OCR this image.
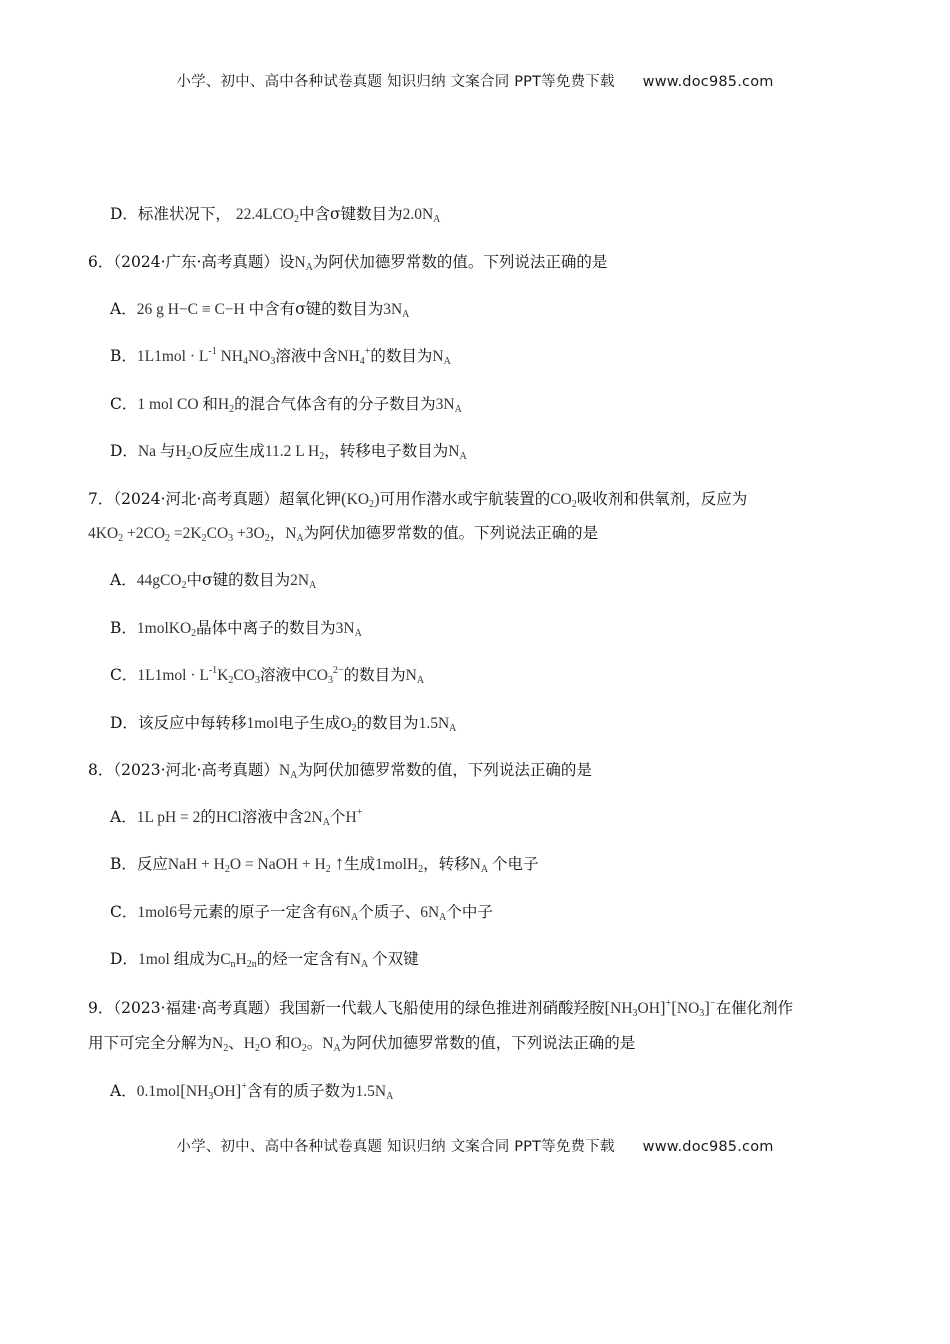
小学、初中、高中各种试卷真题 知识归纳 文案合同 PPT等免费下载 www.doc985.com
D．标准状况下， $22.4LCO_2$中含σ键数目为$2.0N_A$
6．（2024·广东·高考真题）设$N_A$为阿伏加德罗常数的值。下列说法正确的是
A．26 g H−C ≡ C−H 中含有σ键的数目为$3N_A$
B．$1L1mol \cdot L^{-1}$ $NH_4NO_3$溶液中含$NH_4^+$的数目为$N_A$
C．1 mol CO 和$H_2$的混合气体含有的分子数目为$3N_A$
D．Na 与$H_2O$反应生成11.2 L $H_2$，转移电子数目为$N_A$
7．（2024·河北·高考真题）超氧化钾$(KO_2)$可用作潜水或宇航装置的$CO_2$吸收剂和供氧剂，反应为
$4KO_2 +2CO_2 =2K_2CO_3 +3O_2$，$N_A$为阿伏加德罗常数的值。下列说法正确的是
A．44gCO$_2$中σ键的数目为$2N_A$
B．1molKO$_2$晶体中离子的数目为$3N_A$
C．$1L1mol \cdot L^{-1}K_2CO_3$溶液中$CO_3^{2-}$的数目为$N_A$
D．该反应中每转移1mol电子生成$O_2$的数目为$1.5N_A$
8．（2023·河北·高考真题）$N_A$为阿伏加德罗常数的值，下列说法正确的是
A．1L pH = 2的HCl溶液中含$2N_A$个H+
B．反应NaH + $H_2O$ = NaOH + $H_2$ ↑生成1molH$_2$，转移$N_A$ 个电子
C．1mol6号元素的原子一定含有$6N_A$个质子、$6N_A$个中子
D．1mol 组成为$C_nH_{2n}$的烃一定含有$N_A$ 个双键
9．（2023·福建·高考真题）我国新一代载人飞船使用的绿色推进剂硝酸羟胺$[NH_3OH]^+[NO_3]^-$在催化剂作
用下可完全分解为$N_2$、$H_2O$ 和$O_2$。$N_A$为阿伏加德罗常数的值，下列说法正确的是
A．$0.1mol[NH_3OH]^+$含有的质子数为$1.5N_A$
小学、初中、高中各种试卷真题 知识归纳 文案合同 PPT等免费下载 www.doc985.com
